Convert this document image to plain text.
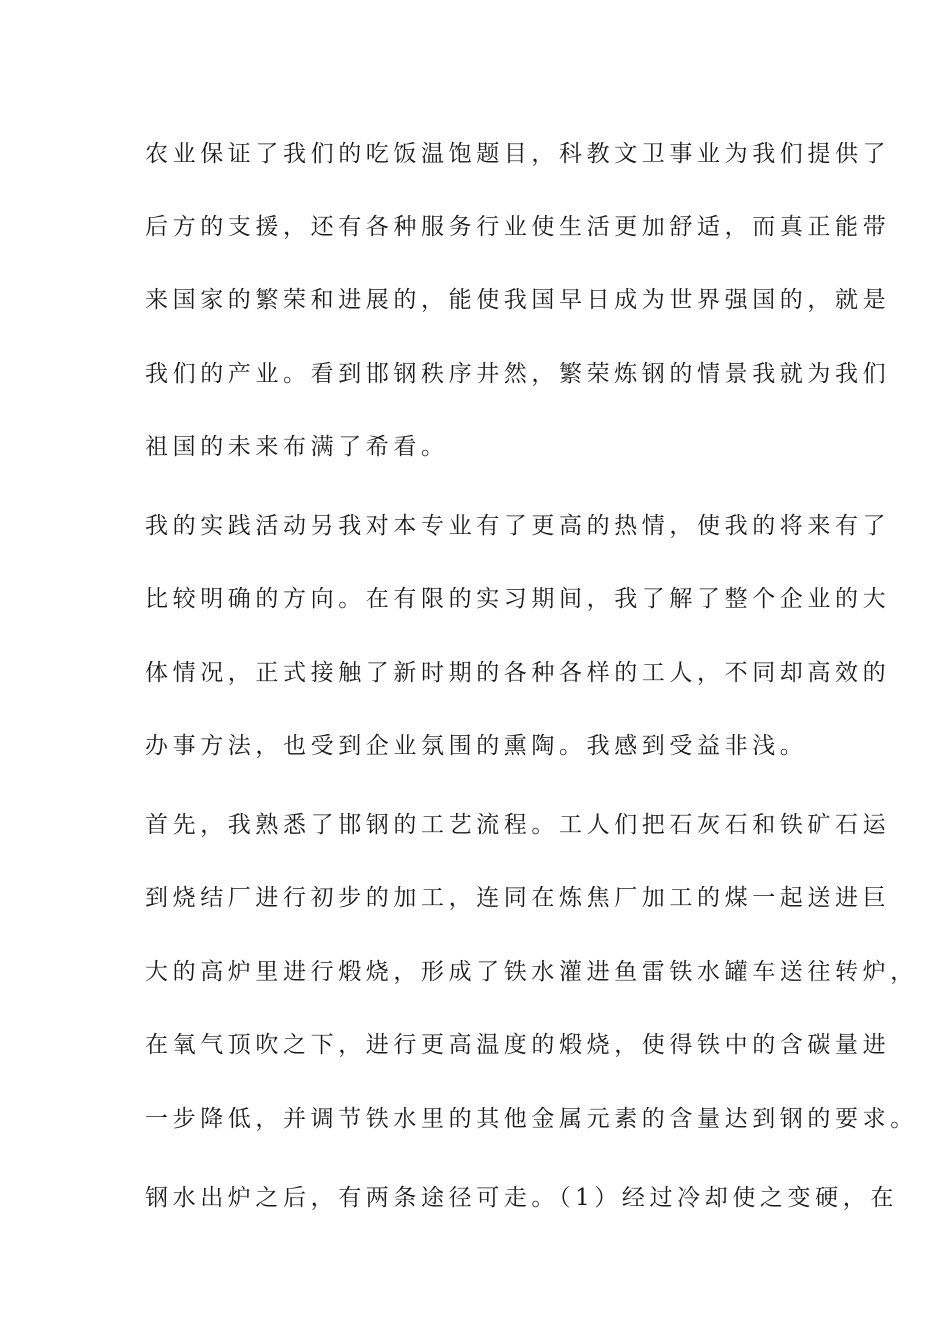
农业保证了我们的吃饭温饱题目，科教文卫事业为我们提供了
后方的支援，还有各种服务行业使生活更加舒适，而真正能带
来国家的繁荣和进展的，能使我国早日成为世界强国的，就是
我们的产业。看到邯钢秩序井然，繁荣炼钢的情景我就为我们
祖国的未来布满了希看。
我的实践活动另我对本专业有了更高的热情，使我的将来有了
比较明确的方向。在有限的实习期间，我了解了整个企业的大
体情况，正式接触了新时期的各种各样的工人，不同却高效的
办事方法，也受到企业氛围的熏陶。我感到受益非浅。
首先，我熟悉了邯钢的工艺流程。工人们把石灰石和铁矿石运
到烧结厂进行初步的加工，连同在炼焦厂加工的煤一起送进巨
大的高炉里进行煅烧，形成了铁水灌进鱼雷铁水罐车送往转炉，
在氧气顶吹之下，进行更高温度的煅烧，使得铁中的含碳量进
一步降低，并调节铁水里的其他金属元素的含量达到钢的要求。
钢水出炉之后，有两条途径可走。（1）经过冷却使之变硬，在
